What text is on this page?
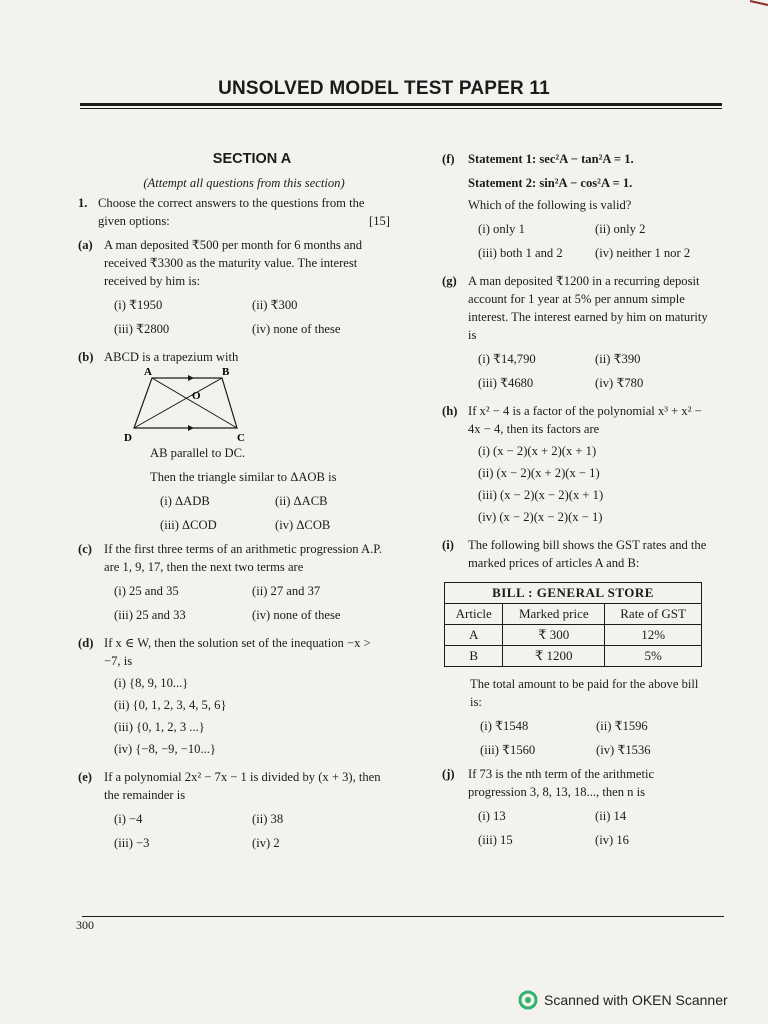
UNSOLVED MODEL TEST PAPER 11
SECTION A
(Attempt all questions from this section)
1. Choose the correct answers to the questions from the given options:	[15]
(a) A man deposited ₹500 per month for 6 months and received ₹3300 as the maturity value. The interest received by him is:
(i) ₹1950	(ii) ₹300
(iii) ₹2800	(iv) none of these
(b) ABCD is a trapezium with
A	B
C
D
O
AB parallel to DC.
Then the triangle similar to ΔAOB is
(i) ΔADB	(ii) ΔACB
(iii) ΔCOD	(iv) ΔCOB
(c) If the first three terms of an arithmetic progression A.P. are 1, 9, 17, then the next two terms are
(i) 25 and 35	(ii) 27 and 37
(iii) 25 and 33	(iv) none of these
(d) If x ∈ W, then the solution set of the inequation −x > −7, is
(i) {8, 9, 10...}
(ii) {0, 1, 2, 3, 4, 5, 6}
(iii) {0, 1, 2, 3 ...}
(iv) {−8, −9, −10...}
(e) If a polynomial 2x² − 7x − 1 is divided by (x + 3), then the remainder is
(i) −4	(ii) 38
(iii) −3	(iv) 2
(f)	Statement 1: sec²A − tan²A = 1.
Statement 2: sin²A − cos²A = 1.
Which of the following is valid?
(i) only 1	(ii) only 2
(iii) both 1 and 2	(iv) neither 1 nor 2
(g) A man deposited ₹1200 in a recurring deposit account for 1 year at 5% per annum simple interest. The interest earned by him on maturity is
(i) ₹14,790	(ii) ₹390
(iii) ₹4680	(iv) ₹780
(h) If x² − 4 is a factor of the polynomial x³ + x² − 4x − 4, then its factors are
(i) (x − 2)(x + 2)(x + 1)
(ii) (x − 2)(x + 2)(x − 1)
(iii) (x − 2)(x − 2)(x + 1)
(iv) (x − 2)(x − 2)(x − 1)
(i)	The following bill shows the GST rates and the marked prices of articles A and B:
BILL : GENERAL STORE		
Article	Marked price	Rate of GST
A	₹ 300	12%
B	₹ 1200	5%
The total amount to be paid for the above bill is:
(i) ₹1548	(ii) ₹1596
(iii) ₹1560	(iv) ₹1536
(j)	If 73 is the nth term of the arithmetic progression 3, 8, 13, 18..., then n is
(i) 13	(ii) 14
(iii) 15	(iv) 16
300
Scanned with OKEN Scanner
